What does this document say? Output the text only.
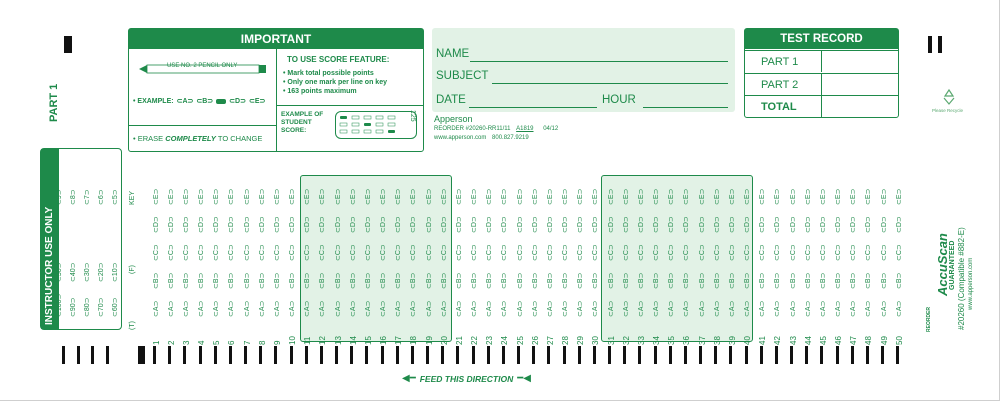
PART 1
IMPORTANT
USE NO. 2 PENCIL ONLY
• EXAMPLE: ⊂A⊃ ⊂B⊃ ⊂D⊃ ⊂E⊃
• ERASE COMPLETELY TO CHANGE
TO USE SCORE FEATURE:
• Mark total possible points
• Only one mark per line on key
• 163 points maximum
EXAMPLE OF STUDENT SCORE:
125
NAME
SUBJECT
DATE	HOUR
Apperson
REORDER #20260-RR11/11 A1819 04/12
www.apperson.com 800.827.9219
TEST RECORD
PART 1
PART 2
TOTAL	Please Recycle
INSTRUCTOR USE ONLY ⊂100⊃
⊂50⊃
⊂9⊃
⊂90⊃
⊂40⊃
⊂8⊃
⊂80⊃
⊂30⊃
⊂7⊃
⊂70⊃
⊂20⊃
⊂6⊃
⊂60⊃
⊂10⊃
⊂5⊃
(T)
(F)
KEY
1
⊂A⊃
⊂B⊃
⊂C⊃
⊂D⊃
⊂E⊃
2
⊂A⊃
⊂B⊃
⊂C⊃
⊂D⊃
⊂E⊃
3
⊂A⊃
⊂B⊃
⊂C⊃
⊂D⊃
⊂E⊃
4
⊂A⊃
⊂B⊃
⊂C⊃
⊂D⊃
⊂E⊃
5
⊂A⊃
⊂B⊃
⊂C⊃
⊂D⊃
⊂E⊃
6
⊂A⊃
⊂B⊃
⊂C⊃
⊂D⊃
⊂E⊃
7
⊂A⊃
⊂B⊃
⊂C⊃
⊂D⊃
⊂E⊃
8
⊂A⊃
⊂B⊃
⊂C⊃
⊂D⊃
⊂E⊃
9
⊂A⊃
⊂B⊃
⊂C⊃
⊂D⊃
⊂E⊃
10
⊂A⊃
⊂B⊃
⊂C⊃
⊂D⊃
⊂E⊃
11
⊂A⊃
⊂B⊃
⊂C⊃
⊂D⊃
⊂E⊃
12
⊂A⊃
⊂B⊃
⊂C⊃
⊂D⊃
⊂E⊃
13
⊂A⊃
⊂B⊃
⊂C⊃
⊂D⊃
⊂E⊃
14
⊂A⊃
⊂B⊃
⊂C⊃
⊂D⊃
⊂E⊃
15
⊂A⊃
⊂B⊃
⊂C⊃
⊂D⊃
⊂E⊃
16
⊂A⊃
⊂B⊃
⊂C⊃
⊂D⊃
⊂E⊃
17
⊂A⊃
⊂B⊃
⊂C⊃
⊂D⊃
⊂E⊃
18
⊂A⊃
⊂B⊃
⊂C⊃
⊂D⊃
⊂E⊃
19
⊂A⊃
⊂B⊃
⊂C⊃
⊂D⊃
⊂E⊃
20
⊂A⊃
⊂B⊃
⊂C⊃
⊂D⊃
⊂E⊃
21
⊂A⊃
⊂B⊃
⊂C⊃
⊂D⊃
⊂E⊃
22
⊂A⊃
⊂B⊃
⊂C⊃
⊂D⊃
⊂E⊃
23
⊂A⊃
⊂B⊃
⊂C⊃
⊂D⊃
⊂E⊃
24
⊂A⊃
⊂B⊃
⊂C⊃
⊂D⊃
⊂E⊃
25
⊂A⊃
⊂B⊃
⊂C⊃
⊂D⊃
⊂E⊃
26
⊂A⊃
⊂B⊃
⊂C⊃
⊂D⊃
⊂E⊃
27
⊂A⊃
⊂B⊃
⊂C⊃
⊂D⊃
⊂E⊃
28
⊂A⊃
⊂B⊃
⊂C⊃
⊂D⊃
⊂E⊃
29
⊂A⊃
⊂B⊃
⊂C⊃
⊂D⊃
⊂E⊃
30
⊂A⊃
⊂B⊃
⊂C⊃
⊂D⊃
⊂E⊃
31
⊂A⊃
⊂B⊃
⊂C⊃
⊂D⊃
⊂E⊃
32
⊂A⊃
⊂B⊃
⊂C⊃
⊂D⊃
⊂E⊃
33
⊂A⊃
⊂B⊃
⊂C⊃
⊂D⊃
⊂E⊃
34
⊂A⊃
⊂B⊃
⊂C⊃
⊂D⊃
⊂E⊃
35
⊂A⊃
⊂B⊃
⊂C⊃
⊂D⊃
⊂E⊃
36
⊂A⊃
⊂B⊃
⊂C⊃
⊂D⊃
⊂E⊃
37
⊂A⊃
⊂B⊃
⊂C⊃
⊂D⊃
⊂E⊃
38
⊂A⊃
⊂B⊃
⊂C⊃
⊂D⊃
⊂E⊃
39
⊂A⊃
⊂B⊃
⊂C⊃
⊂D⊃
⊂E⊃
40
⊂A⊃
⊂B⊃
⊂C⊃
⊂D⊃
⊂E⊃
41
⊂A⊃
⊂B⊃
⊂C⊃
⊂D⊃
⊂E⊃
42
⊂A⊃
⊂B⊃
⊂C⊃
⊂D⊃
⊂E⊃
43
⊂A⊃
⊂B⊃
⊂C⊃
⊂D⊃
⊂E⊃
44
⊂A⊃
⊂B⊃
⊂C⊃
⊂D⊃
⊂E⊃
45
⊂A⊃
⊂B⊃
⊂C⊃
⊂D⊃
⊂E⊃
46
⊂A⊃
⊂B⊃
⊂C⊃
⊂D⊃
⊂E⊃
47
⊂A⊃
⊂B⊃
⊂C⊃
⊂D⊃
⊂E⊃
48
⊂A⊃
⊂B⊃
⊂C⊃
⊂D⊃
⊂E⊃
49
⊂A⊃
⊂B⊃
⊂C⊃
⊂D⊃
⊂E⊃
50
⊂A⊃
⊂B⊃
⊂C⊃
⊂D⊃
⊂E⊃
◀━ FEED THIS DIRECTION ━◀
REORDER
AccuScan GUARANTEED #20260 (Compatible #882-E) www.apperson.com
